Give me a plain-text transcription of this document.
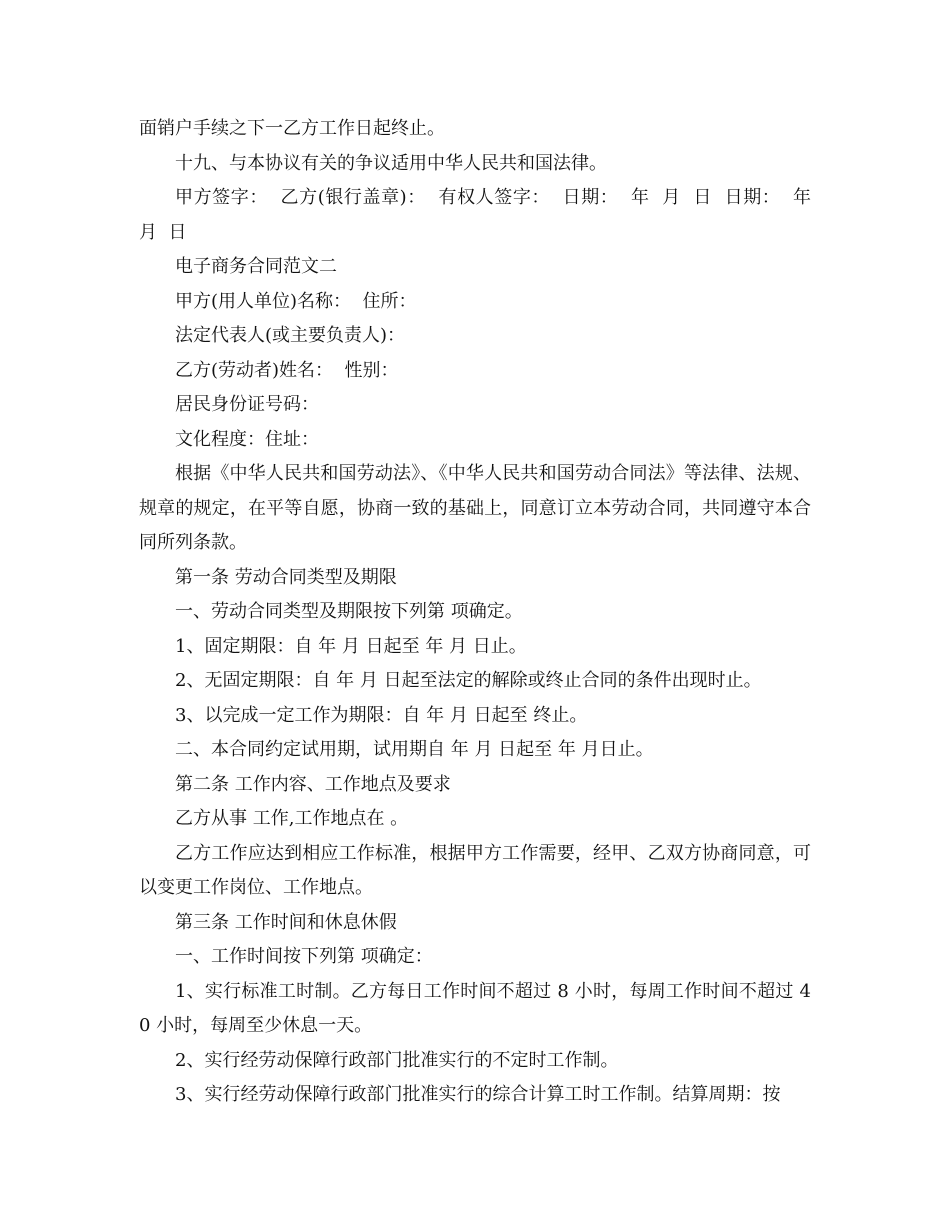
面销户手续之下一乙方工作日起终止。

十九、与本协议有关的争议适用中华人民共和国法律。

甲方签字：  乙方(银行盖章)：  有权人签字：  日期：  年  月  日  日期：  年  月  日

电子商务合同范文二

甲方(用人单位)名称：  住所：

法定代表人(或主要负责人)：

乙方(劳动者)姓名：  性别：

居民身份证号码：

文化程度：住址：

根据《中华人民共和国劳动法》、《中华人民共和国劳动合同法》等法律、法规、规章的规定，在平等自愿，协商一致的基础上，同意订立本劳动合同，共同遵守本合同所列条款。

第一条 劳动合同类型及期限

一、劳动合同类型及期限按下列第 项确定。

1、固定期限：自 年 月 日起至 年 月 日止。

2、无固定期限：自 年 月 日起至法定的解除或终止合同的条件出现时止。

3、以完成一定工作为期限：自 年 月 日起至 终止。

二、本合同约定试用期，试用期自 年 月 日起至 年 月日止。

第二条 工作内容、工作地点及要求

乙方从事 工作,工作地点在 。

乙方工作应达到相应工作标准，根据甲方工作需要，经甲、乙双方协商同意，可以变更工作岗位、工作地点。

第三条 工作时间和休息休假

一、工作时间按下列第 项确定：

1、实行标准工时制。乙方每日工作时间不超过 8 小时，每周工作时间不超过 40 小时，每周至少休息一天。

2、实行经劳动保障行政部门批准实行的不定时工作制。

3、实行经劳动保障行政部门批准实行的综合计算工时工作制。结算周期：按
